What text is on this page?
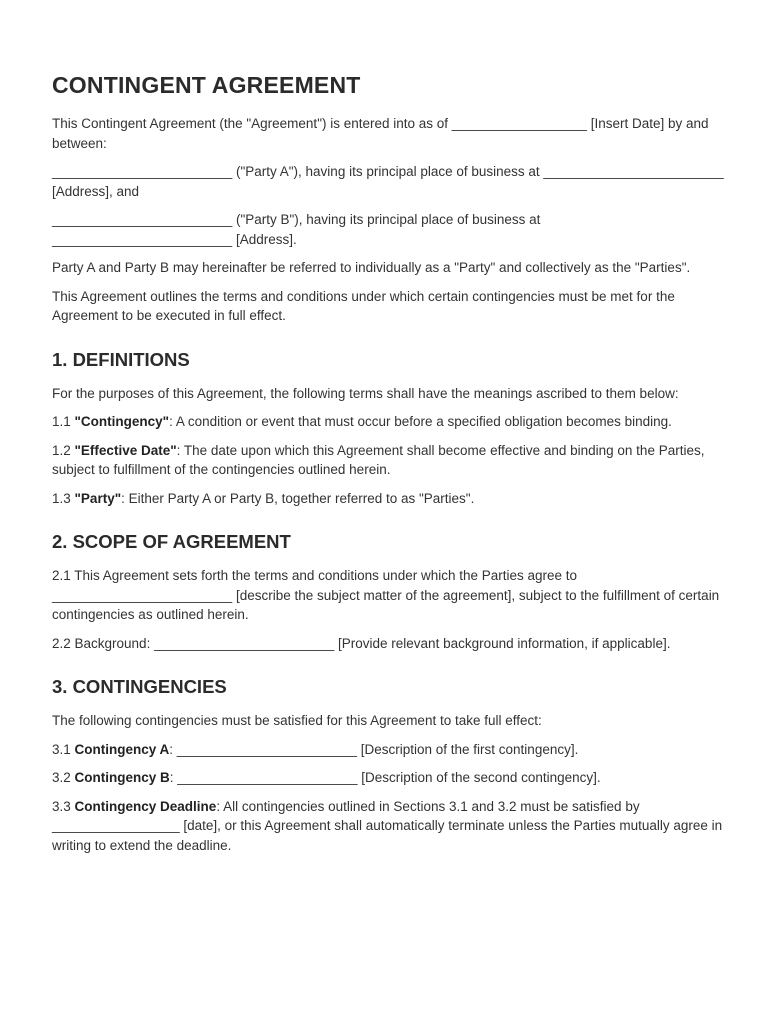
CONTINGENT AGREEMENT

This Contingent Agreement (the "Agreement") is entered into as of __________________ [Insert Date] by and between:

________________________ ("Party A"), having its principal place of business at ________________________ [Address], and

________________________ ("Party B"), having its principal place of business at ________________________ [Address].

Party A and Party B may hereinafter be referred to individually as a "Party" and collectively as the "Parties".

This Agreement outlines the terms and conditions under which certain contingencies must be met for the Agreement to be executed in full effect.

1. DEFINITIONS

For the purposes of this Agreement, the following terms shall have the meanings ascribed to them below:

1.1 "Contingency": A condition or event that must occur before a specified obligation becomes binding.

1.2 "Effective Date": The date upon which this Agreement shall become effective and binding on the Parties, subject to fulfillment of the contingencies outlined herein.

1.3 "Party": Either Party A or Party B, together referred to as "Parties".

2. SCOPE OF AGREEMENT

2.1 This Agreement sets forth the terms and conditions under which the Parties agree to ________________________ [describe the subject matter of the agreement], subject to the fulfillment of certain contingencies as outlined herein.

2.2 Background: ________________________ [Provide relevant background information, if applicable].

3. CONTINGENCIES

The following contingencies must be satisfied for this Agreement to take full effect:

3.1 Contingency A: ________________________ [Description of the first contingency].

3.2 Contingency B: ________________________ [Description of the second contingency].

3.3 Contingency Deadline: All contingencies outlined in Sections 3.1 and 3.2 must be satisfied by _________________ [date], or this Agreement shall automatically terminate unless the Parties mutually agree in writing to extend the deadline.
